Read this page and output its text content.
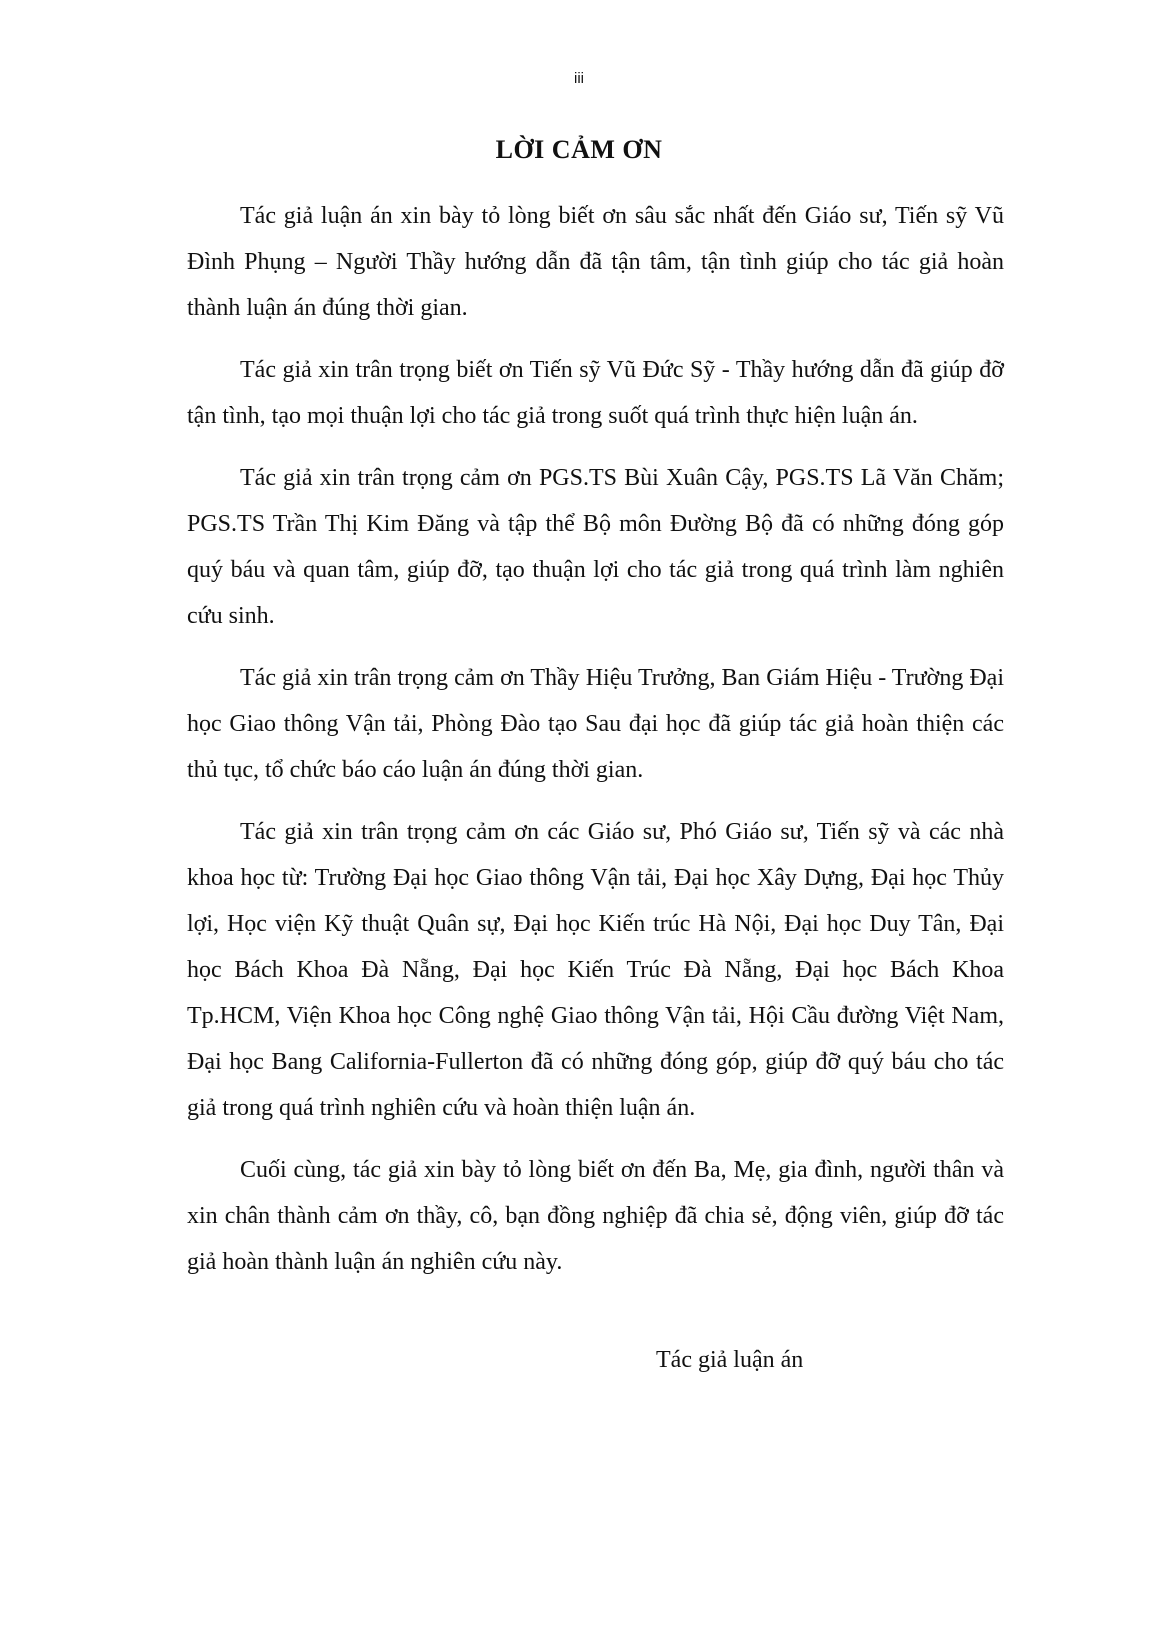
iii
LỜI CẢM ƠN

Tác giả luận án xin bày tỏ lòng biết ơn sâu sắc nhất đến Giáo sư, Tiến sỹ Vũ Đình Phụng – Người Thầy hướng dẫn đã tận tâm, tận tình giúp cho tác giả hoàn thành luận án đúng thời gian.

Tác giả xin trân trọng biết ơn Tiến sỹ Vũ Đức Sỹ - Thầy hướng dẫn đã giúp đỡ tận tình, tạo mọi thuận lợi cho tác giả trong suốt quá trình thực hiện luận án.

Tác giả xin trân trọng cảm ơn PGS.TS Bùi Xuân Cậy, PGS.TS Lã Văn Chăm; PGS.TS Trần Thị Kim Đăng và tập thể Bộ môn Đường Bộ đã có những đóng góp quý báu và quan tâm, giúp đỡ, tạo thuận lợi cho tác giả trong quá trình làm nghiên cứu sinh.

Tác giả xin trân trọng cảm ơn Thầy Hiệu Trưởng, Ban Giám Hiệu - Trường Đại học Giao thông Vận tải, Phòng Đào tạo Sau đại học đã giúp tác giả hoàn thiện các thủ tục, tổ chức báo cáo luận án đúng thời gian.

Tác giả xin trân trọng cảm ơn các Giáo sư, Phó Giáo sư, Tiến sỹ và các nhà khoa học từ: Trường Đại học Giao thông Vận tải, Đại học Xây Dựng, Đại học Thủy lợi, Học viện Kỹ thuật Quân sự, Đại học Kiến trúc Hà Nội, Đại học Duy Tân, Đại học Bách Khoa Đà Nẵng, Đại học Kiến Trúc Đà Nẵng, Đại học Bách Khoa Tp.HCM, Viện Khoa học Công nghệ Giao thông Vận tải, Hội Cầu đường Việt Nam, Đại học Bang California-Fullerton đã có những đóng góp, giúp đỡ quý báu cho tác giả trong quá trình nghiên cứu và hoàn thiện luận án.

Cuối cùng, tác giả xin bày tỏ lòng biết ơn đến Ba, Mẹ, gia đình, người thân và xin chân thành cảm ơn thầy, cô, bạn đồng nghiệp đã chia sẻ, động viên, giúp đỡ tác giả hoàn thành luận án nghiên cứu này.

Tác giả luận án
